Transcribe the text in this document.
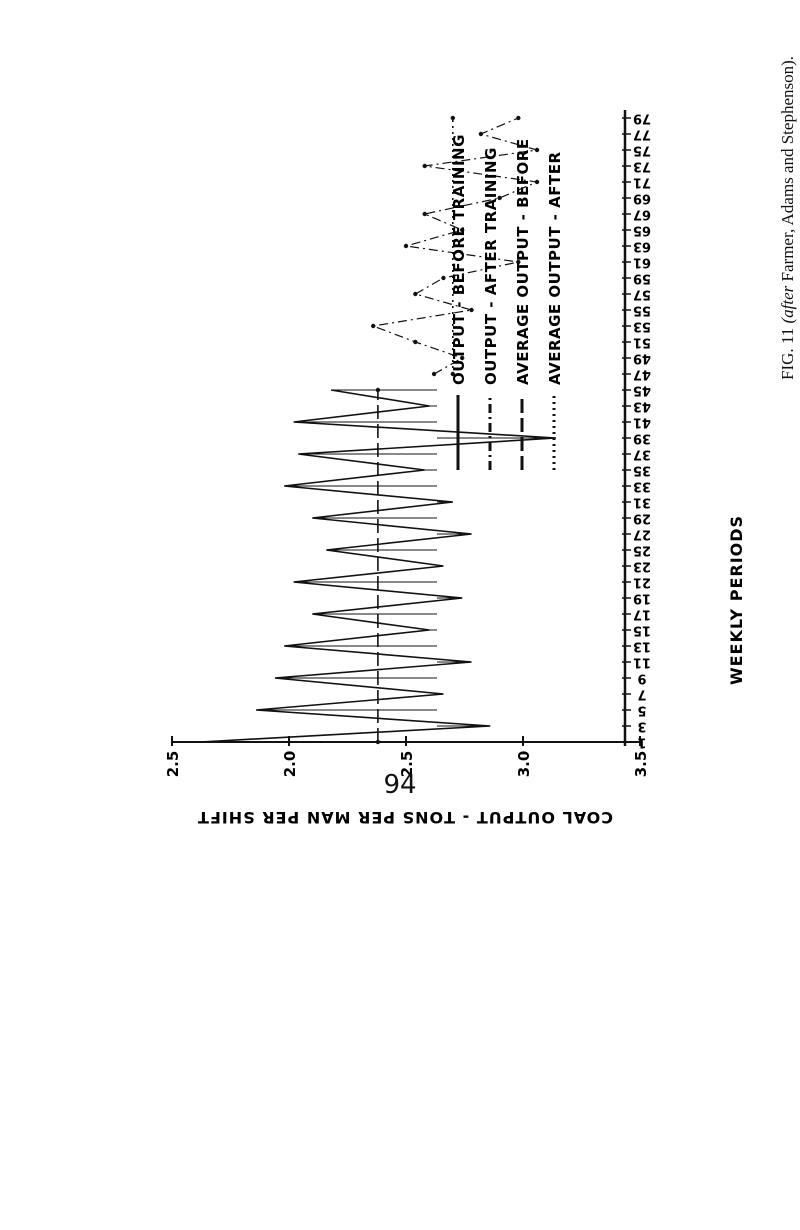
2.5	2.0	2.5	3.0	3.5
1
3
5
7
9
11
13
15
17
19
21
23
25
27
29
31
33
35
37
39
41
43
45
47
49
51
53
55
57
59
61
63
65
67
69
71
73
75
77
79
OUTPUT - BEFORE TRAINING OUTPUT - AFTER TRAINING AVERAGE OUTPUT - BEFORE AVERAGE OUTPUT - AFTER
COAL OUTPUT - TONS PER MAN PER SHIFT
WEEKLY PERIODS
FIG. 11 (after Farmer, Adams and Stephenson).
94
